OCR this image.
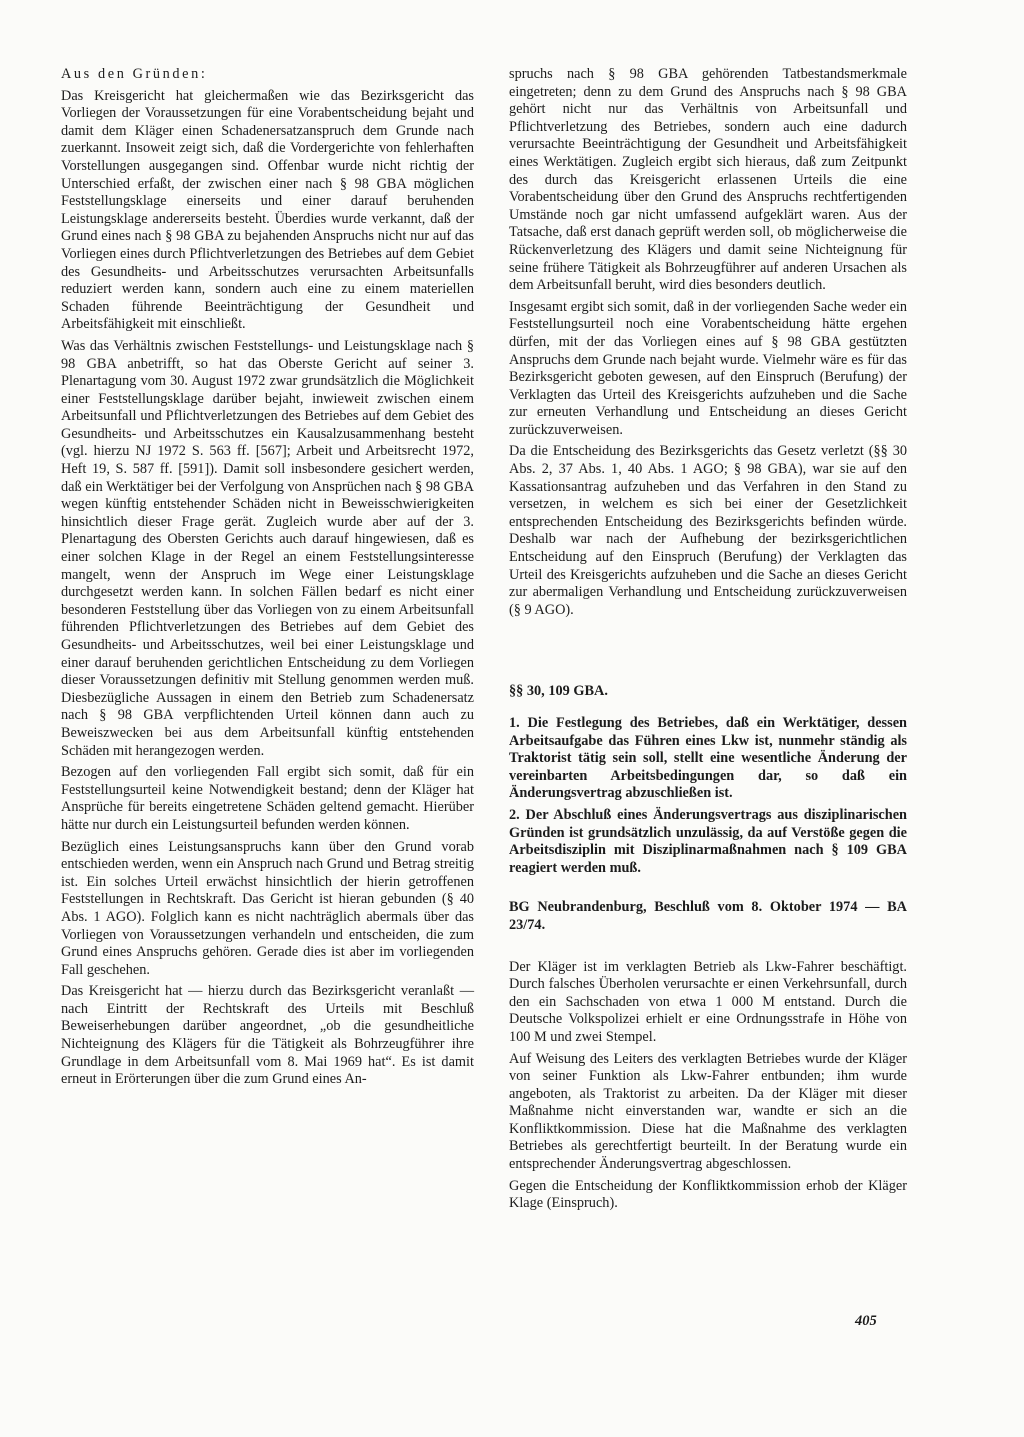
Aus den Gründen:

Das Kreisgericht hat gleichermaßen wie das Bezirksgericht das Vorliegen der Voraussetzungen für eine Vorabentscheidung bejaht und damit dem Kläger einen Schadenersatzanspruch dem Grunde nach zuerkannt. Insoweit zeigt sich, daß die Vordergerichte von fehlerhaften Vorstellungen ausgegangen sind. Offenbar wurde nicht richtig der Unterschied erfaßt, der zwischen einer nach § 98 GBA möglichen Feststellungsklage einerseits und einer darauf beruhenden Leistungsklage andererseits besteht. Überdies wurde verkannt, daß der Grund eines nach § 98 GBA zu bejahenden Anspruchs nicht nur auf das Vorliegen eines durch Pflichtverletzungen des Betriebes auf dem Gebiet des Gesundheits- und Arbeitsschutzes verursachten Arbeitsunfalls reduziert werden kann, sondern auch eine zu einem materiellen Schaden führende Beeinträchtigung der Gesundheit und Arbeitsfähigkeit mit einschließt.

Was das Verhältnis zwischen Feststellungs- und Leistungsklage nach § 98 GBA anbetrifft, so hat das Oberste Gericht auf seiner 3. Plenartagung vom 30. August 1972 zwar grundsätzlich die Möglichkeit einer Feststellungsklage darüber bejaht, inwieweit zwischen einem Arbeitsunfall und Pflichtverletzungen des Betriebes auf dem Gebiet des Gesundheits- und Arbeitsschutzes ein Kausalzusammenhang besteht (vgl. hierzu NJ 1972 S. 563 ff. [567]; Arbeit und Arbeitsrecht 1972, Heft 19, S. 587 ff. [591]). Damit soll insbesondere gesichert werden, daß ein Werktätiger bei der Verfolgung von Ansprüchen nach § 98 GBA wegen künftig entstehender Schäden nicht in Beweisschwierigkeiten hinsichtlich dieser Frage gerät. Zugleich wurde aber auf der 3. Plenartagung des Obersten Gerichts auch darauf hingewiesen, daß es einer solchen Klage in der Regel an einem Feststellungsinteresse mangelt, wenn der Anspruch im Wege einer Leistungsklage durchgesetzt werden kann. In solchen Fällen bedarf es nicht einer besonderen Feststellung über das Vorliegen von zu einem Arbeitsunfall führenden Pflichtverletzungen des Betriebes auf dem Gebiet des Gesundheits- und Arbeitsschutzes, weil bei einer Leistungsklage und einer darauf beruhenden gerichtlichen Entscheidung zu dem Vorliegen dieser Voraussetzungen definitiv mit Stellung genommen werden muß. Diesbezügliche Aussagen in einem den Betrieb zum Schadenersatz nach § 98 GBA verpflichtenden Urteil können dann auch zu Beweiszwecken bei aus dem Arbeitsunfall künftig entstehenden Schäden mit herangezogen werden.

Bezogen auf den vorliegenden Fall ergibt sich somit, daß für ein Feststellungsurteil keine Notwendigkeit bestand; denn der Kläger hat Ansprüche für bereits eingetretene Schäden geltend gemacht. Hierüber hätte nur durch ein Leistungsurteil befunden werden können.

Bezüglich eines Leistungsanspruchs kann über den Grund vorab entschieden werden, wenn ein Anspruch nach Grund und Betrag streitig ist. Ein solches Urteil erwächst hinsichtlich der hierin getroffenen Feststellungen in Rechtskraft. Das Gericht ist hieran gebunden (§ 40 Abs. 1 AGO). Folglich kann es nicht nachträglich abermals über das Vorliegen von Voraussetzungen verhandeln und entscheiden, die zum Grund eines Anspruchs gehören. Gerade dies ist aber im vorliegenden Fall geschehen.

Das Kreisgericht hat — hierzu durch das Bezirksgericht veranlaßt — nach Eintritt der Rechtskraft des Urteils mit Beschluß Beweiserhebungen darüber angeordnet, „ob die gesundheitliche Nichteignung des Klägers für die Tätigkeit als Bohrzeugführer ihre Grundlage in dem Arbeitsunfall vom 8. Mai 1969 hat“. Es ist damit erneut in Erörterungen über die zum Grund eines An-

spruchs nach § 98 GBA gehörenden Tatbestandsmerkmale eingetreten; denn zu dem Grund des Anspruchs nach § 98 GBA gehört nicht nur das Verhältnis von Arbeitsunfall und Pflichtverletzung des Betriebes, sondern auch eine dadurch verursachte Beeinträchtigung der Gesundheit und Arbeitsfähigkeit eines Werktätigen. Zugleich ergibt sich hieraus, daß zum Zeitpunkt des durch das Kreisgericht erlassenen Urteils die eine Vorabentscheidung über den Grund des Anspruchs rechtfertigenden Umstände noch gar nicht umfassend aufgeklärt waren. Aus der Tatsache, daß erst danach geprüft werden soll, ob möglicherweise die Rückenverletzung des Klägers und damit seine Nichteignung für seine frühere Tätigkeit als Bohrzeugführer auf anderen Ursachen als dem Arbeitsunfall beruht, wird dies besonders deutlich.

Insgesamt ergibt sich somit, daß in der vorliegenden Sache weder ein Feststellungsurteil noch eine Vorabentscheidung hätte ergehen dürfen, mit der das Vorliegen eines auf § 98 GBA gestützten Anspruchs dem Grunde nach bejaht wurde. Vielmehr wäre es für das Bezirksgericht geboten gewesen, auf den Einspruch (Berufung) der Verklagten das Urteil des Kreisgerichts aufzuheben und die Sache zur erneuten Verhandlung und Entscheidung an dieses Gericht zurückzuverweisen.

Da die Entscheidung des Bezirksgerichts das Gesetz verletzt (§§ 30 Abs. 2, 37 Abs. 1, 40 Abs. 1 AGO; § 98 GBA), war sie auf den Kassationsantrag aufzuheben und das Verfahren in den Stand zu versetzen, in welchem es sich bei einer der Gesetzlichkeit entsprechenden Entscheidung des Bezirksgerichts befinden würde. Deshalb war nach der Aufhebung der bezirksgerichtlichen Entscheidung auf den Einspruch (Berufung) der Verklagten das Urteil des Kreisgerichts aufzuheben und die Sache an dieses Gericht zur abermaligen Verhandlung und Entscheidung zurückzuverweisen (§ 9 AGO).

§§ 30, 109 GBA.

1. Die Festlegung des Betriebes, daß ein Werktätiger, dessen Arbeitsaufgabe das Führen eines Lkw ist, nunmehr ständig als Traktorist tätig sein soll, stellt eine wesentliche Änderung der vereinbarten Arbeitsbedingungen dar, so daß ein Änderungsvertrag abzuschließen ist.

2. Der Abschluß eines Änderungsvertrags aus disziplinarischen Gründen ist grundsätzlich unzulässig, da auf Verstöße gegen die Arbeitsdisziplin mit Disziplinarmaßnahmen nach § 109 GBA reagiert werden muß.

BG Neubrandenburg, Beschluß vom 8. Oktober 1974 — BA 23/74.

Der Kläger ist im verklagten Betrieb als Lkw-Fahrer beschäftigt. Durch falsches Überholen verursachte er einen Verkehrsunfall, durch den ein Sachschaden von etwa 1 000 M entstand. Durch die Deutsche Volkspolizei erhielt er eine Ordnungsstrafe in Höhe von 100 M und zwei Stempel.

Auf Weisung des Leiters des verklagten Betriebes wurde der Kläger von seiner Funktion als Lkw-Fahrer entbunden; ihm wurde angeboten, als Traktorist zu arbeiten. Da der Kläger mit dieser Maßnahme nicht einverstanden war, wandte er sich an die Konfliktkommission. Diese hat die Maßnahme des verklagten Betriebes als gerechtfertigt beurteilt. In der Beratung wurde ein entsprechender Änderungsvertrag abgeschlossen.

Gegen die Entscheidung der Konfliktkommission erhob der Kläger Klage (Einspruch).

405
